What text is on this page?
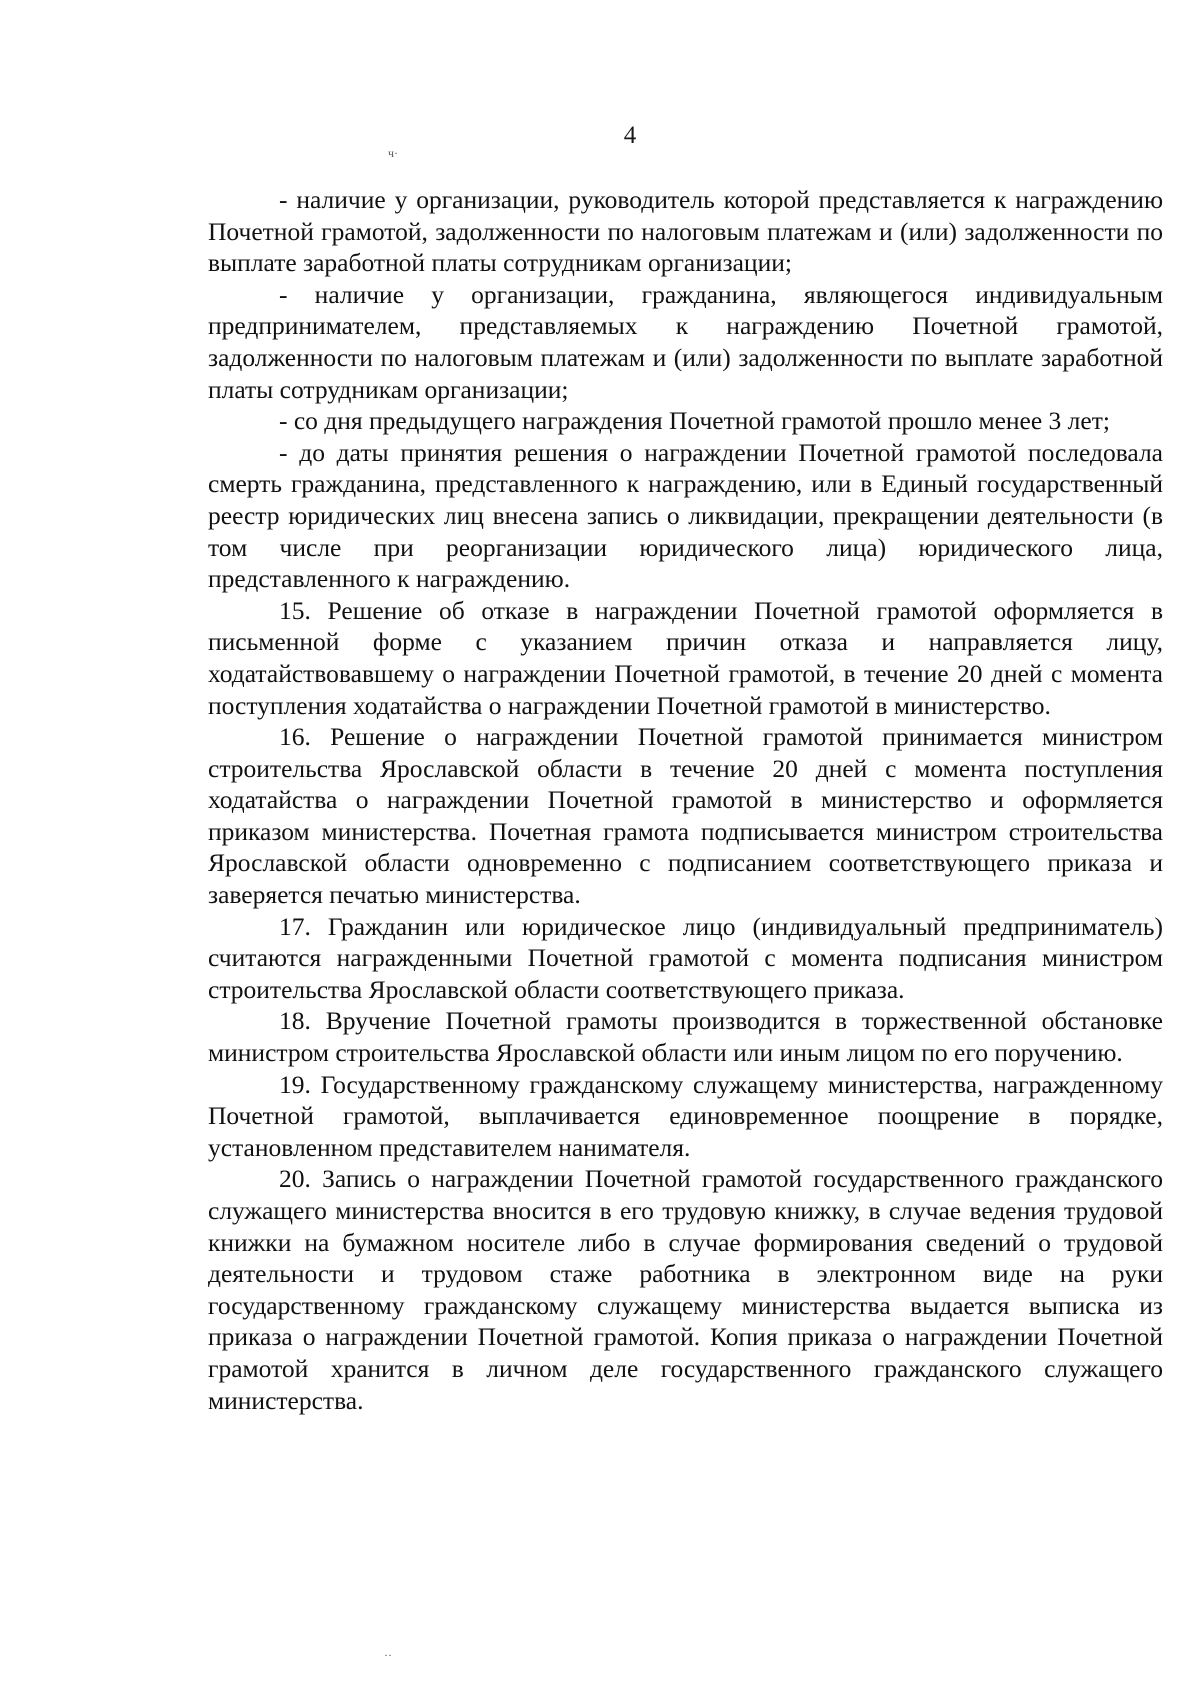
4
ч·

- наличие у организации, руководитель которой представляется к награждению Почетной грамотой, задолженности по налоговым платежам и (или) задолженности по выплате заработной платы сотрудникам организации;

- наличие у организации, гражданина, являющегося индивидуальным предпринимателем, представляемых к награждению Почетной грамотой, задолженности по налоговым платежам и (или) задолженности по выплате заработной платы сотрудникам организации;

- со дня предыдущего награждения Почетной грамотой прошло менее 3 лет;

- до даты принятия решения о награждении Почетной грамотой последовала смерть гражданина, представленного к награждению, или в Единый государственный реестр юридических лиц внесена запись о ликвидации, прекращении деятельности (в том числе при реорганизации юридического лица) юридического лица, представленного к награждению.

15. Решение об отказе в награждении Почетной грамотой оформляется в письменной форме с указанием причин отказа и направляется лицу, ходатайствовавшему о награждении Почетной грамотой, в течение 20 дней с момента поступления ходатайства о награждении Почетной грамотой в министерство.

16. Решение о награждении Почетной грамотой принимается министром строительства Ярославской области в течение 20 дней с момента поступления ходатайства о награждении Почетной грамотой в министерство и оформляется приказом министерства. Почетная грамота подписывается министром строительства Ярославской области одновременно с подписанием соответствующего приказа и заверяется печатью министерства.

17. Гражданин или юридическое лицо (индивидуальный предприниматель) считаются награжденными Почетной грамотой с момента подписания министром строительства Ярославской области соответствующего приказа.

18. Вручение Почетной грамоты производится в торжественной обстановке министром строительства Ярославской области или иным лицом по его поручению.

19. Государственному гражданскому служащему министерства, награжденному Почетной грамотой, выплачивается единовременное поощрение в порядке, установленном представителем нанимателя.

20. Запись о награждении Почетной грамотой государственного гражданского служащего министерства вносится в его трудовую книжку, в случае ведения трудовой книжки на бумажном носителе либо в случае формирования сведений о трудовой деятельности и трудовом стаже работника в электронном виде на руки государственному гражданскому служащему министерства выдается выписка из приказа о награждении Почетной грамотой. Копия приказа о награждении Почетной грамотой хранится в личном деле государственного гражданского служащего министерства.

··
